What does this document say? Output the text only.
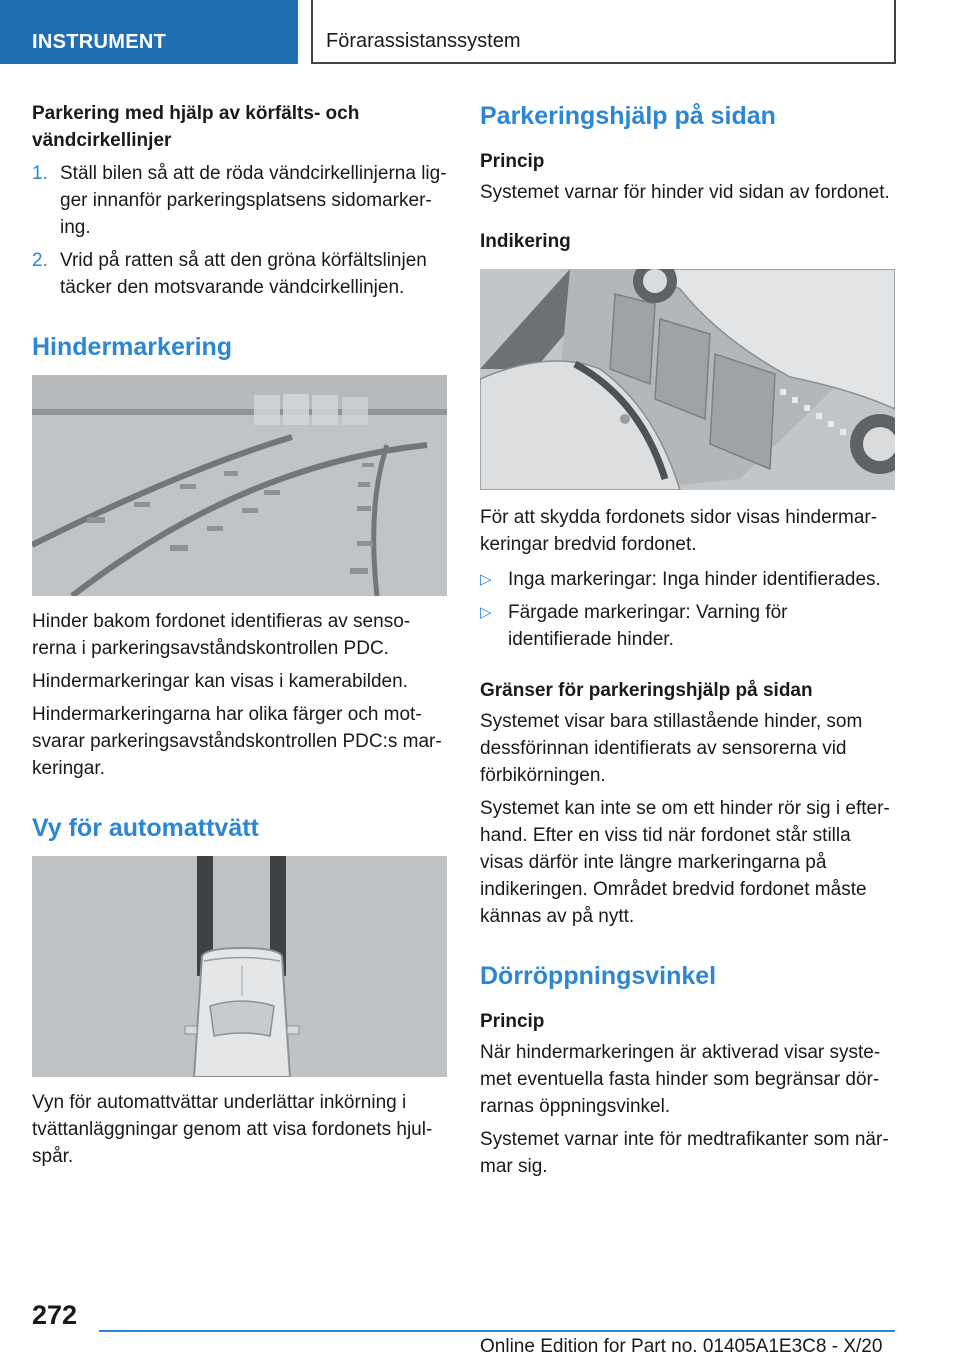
INSTRUMENT	Förarassistanssystem

Parkering med hjälp av körfälts- och vändcirkellinjer

1. Ställ bilen så att de röda vändcirkellinjerna ligger innanför parkeringsplatsens sidomarkering.
2. Vrid på ratten så att den gröna körfältslinjen täcker den motsvarande vändcirkellinjen.
Hindermarkering

Hinder bakom fordonet identifieras av sensorerna i parkeringsavståndskontrollen PDC.

Hindermarkeringar kan visas i kamerabilden.

Hindermarkeringarna har olika färger och motsvarar parkeringsavståndskontrollen PDC:s markeringar.

Vy för automattvätt

Vyn för automattvättar underlättar inkörning i tvättanläggningar genom att visa fordonets hjulspår.

Parkeringshjälp på sidan

Princip

Systemet varnar för hinder vid sidan av fordonet.

Indikering

För att skydda fordonets sidor visas hindermarkeringar bredvid fordonet.

▷ Inga markeringar: Inga hinder identifierades.
▷ Färgade markeringar: Varning för identifierade hinder.

Gränser för parkeringshjälp på sidan

Systemet visar bara stillastående hinder, som dessförinnan identifierats av sensorerna vid förbikörningen.

Systemet kan inte se om ett hinder rör sig i efterhand. Efter en viss tid när fordonet står stilla visas därför inte längre markeringarna på indikeringen. Området bredvid fordonet måste kännas av på nytt.

Dörröppningsvinkel

Princip

När hindermarkeringen är aktiverad visar systemet eventuella fasta hinder som begränsar dörrarnas öppningsvinkel.

Systemet varnar inte för medtrafikanter som närmar sig.

272
Online Edition for Part no. 01405A1E3C8 - X/20
